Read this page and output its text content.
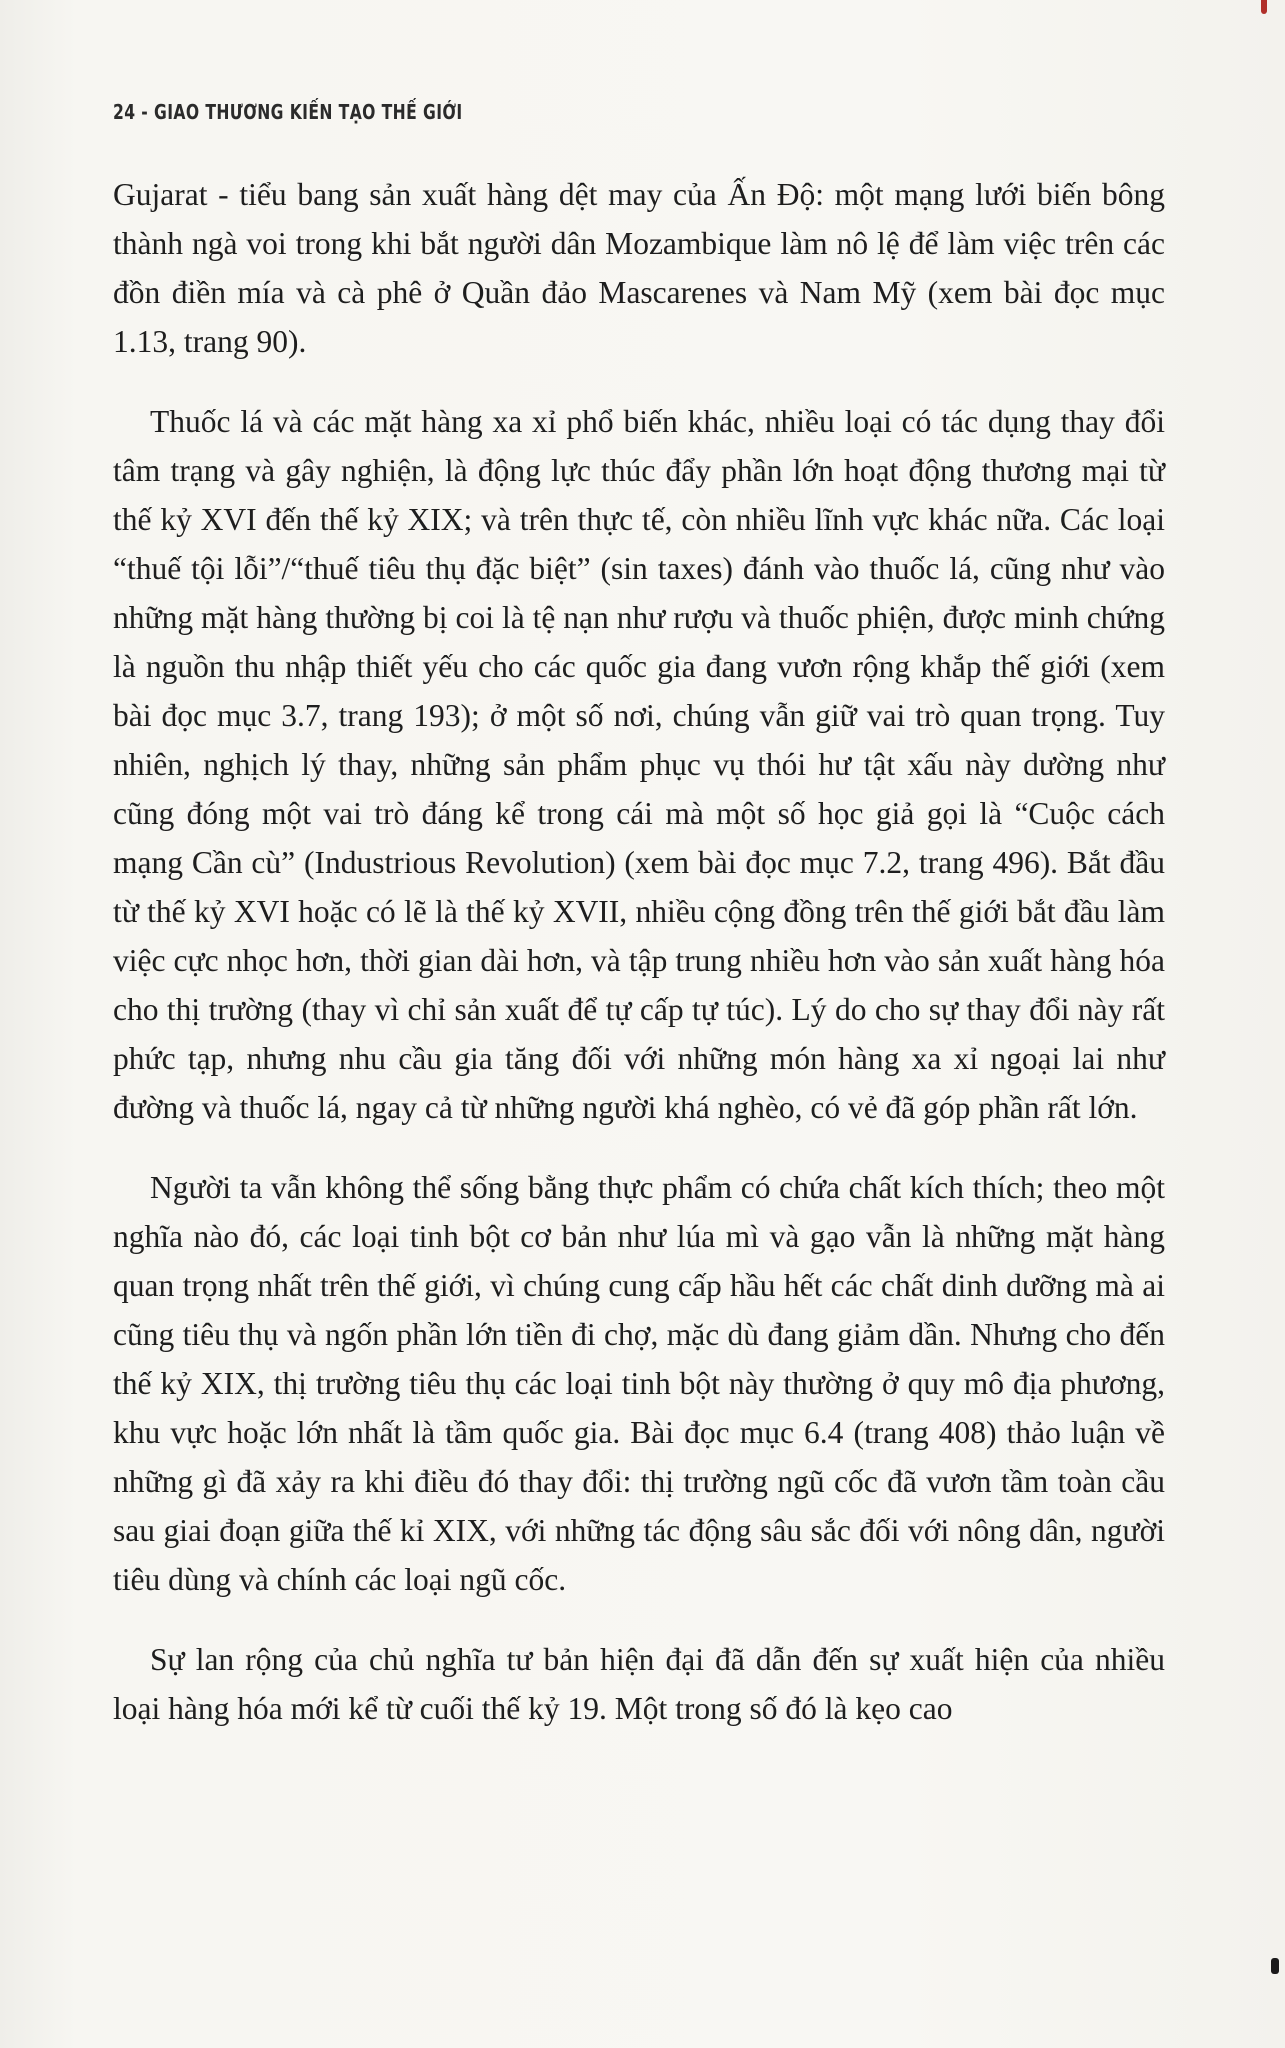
24 - GIAO THƯƠNG KIẾN TẠO THẾ GIỚI

Gujarat - tiểu bang sản xuất hàng dệt may của Ấn Độ: một mạng lưới biến bông thành ngà voi trong khi bắt người dân Mozambique làm nô lệ để làm việc trên các đồn điền mía và cà phê ở Quần đảo Mascarenes và Nam Mỹ (xem bài đọc mục 1.13, trang 90).

Thuốc lá và các mặt hàng xa xỉ phổ biến khác, nhiều loại có tác dụng thay đổi tâm trạng và gây nghiện, là động lực thúc đẩy phần lớn hoạt động thương mại từ thế kỷ XVI đến thế kỷ XIX; và trên thực tế, còn nhiều lĩnh vực khác nữa. Các loại “thuế tội lỗi”/“thuế tiêu thụ đặc biệt” (sin taxes) đánh vào thuốc lá, cũng như vào những mặt hàng thường bị coi là tệ nạn như rượu và thuốc phiện, được minh chứng là nguồn thu nhập thiết yếu cho các quốc gia đang vươn rộng khắp thế giới (xem bài đọc mục 3.7, trang 193); ở một số nơi, chúng vẫn giữ vai trò quan trọng. Tuy nhiên, nghịch lý thay, những sản phẩm phục vụ thói hư tật xấu này dường như cũng đóng một vai trò đáng kể trong cái mà một số học giả gọi là “Cuộc cách mạng Cần cù” (Industrious Revolution) (xem bài đọc mục 7.2, trang 496). Bắt đầu từ thế kỷ XVI hoặc có lẽ là thế kỷ XVII, nhiều cộng đồng trên thế giới bắt đầu làm việc cực nhọc hơn, thời gian dài hơn, và tập trung nhiều hơn vào sản xuất hàng hóa cho thị trường (thay vì chỉ sản xuất để tự cấp tự túc). Lý do cho sự thay đổi này rất phức tạp, nhưng nhu cầu gia tăng đối với những món hàng xa xỉ ngoại lai như đường và thuốc lá, ngay cả từ những người khá nghèo, có vẻ đã góp phần rất lớn.

Người ta vẫn không thể sống bằng thực phẩm có chứa chất kích thích; theo một nghĩa nào đó, các loại tinh bột cơ bản như lúa mì và gạo vẫn là những mặt hàng quan trọng nhất trên thế giới, vì chúng cung cấp hầu hết các chất dinh dưỡng mà ai cũng tiêu thụ và ngốn phần lớn tiền đi chợ, mặc dù đang giảm dần. Nhưng cho đến thế kỷ XIX, thị trường tiêu thụ các loại tinh bột này thường ở quy mô địa phương, khu vực hoặc lớn nhất là tầm quốc gia. Bài đọc mục 6.4 (trang 408) thảo luận về những gì đã xảy ra khi điều đó thay đổi: thị trường ngũ cốc đã vươn tầm toàn cầu sau giai đoạn giữa thế kỉ XIX, với những tác động sâu sắc đối với nông dân, người tiêu dùng và chính các loại ngũ cốc.

Sự lan rộng của chủ nghĩa tư bản hiện đại đã dẫn đến sự xuất hiện của nhiều loại hàng hóa mới kể từ cuối thế kỷ 19. Một trong số đó là kẹo cao
